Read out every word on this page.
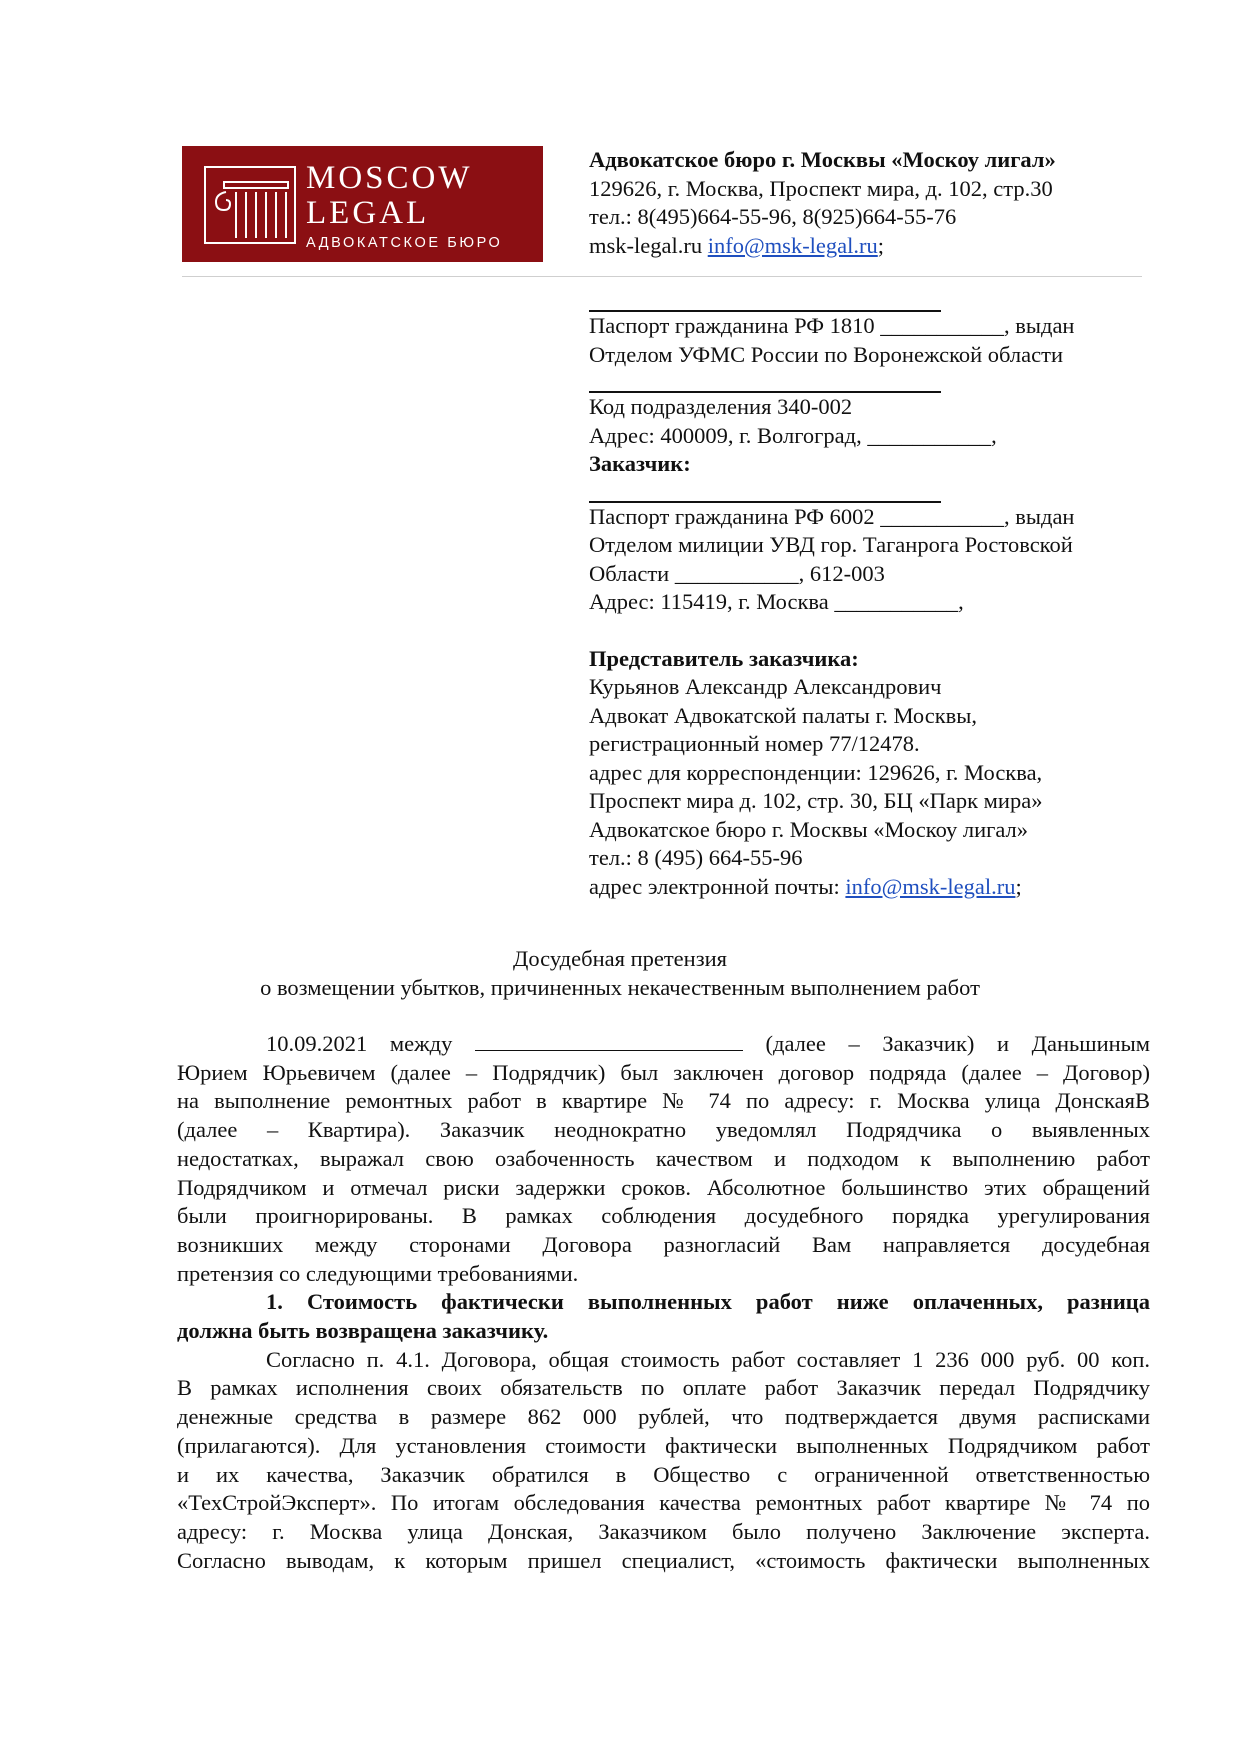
MOSCOW
LEGAL
АДВОКАТСКОЕ БЮРО
Адвокатское бюро г. Москвы «Москоу лигал»
129626, г. Москва, Проспект мира, д. 102, стр.30
тел.: 8(495)664-55-96, 8(925)664-55-76
msk-legal.ru info@msk-legal.ru;
Паспорт гражданина РФ 1810 ___________, выдан
Отделом УФМС России по Воронежской области
Код подразделения 340-002
Адрес: 400009, г. Волгоград, ___________,
Заказчик:
Паспорт гражданина РФ 6002 ___________, выдан
Отделом милиции УВД гор. Таганрога Ростовской
Области ___________, 612-003
Адрес: 115419, г. Москва ___________,
Представитель заказчика:
Курьянов Александр Александрович
Адвокат Адвокатской палаты г. Москвы,
регистрационный номер 77/12478.
адрес для корреспонденции: 129626, г. Москва,
Проспект мира д. 102, стр. 30, БЦ «Парк мира»
Адвокатское бюро г. Москвы «Москоу лигал»
тел.: 8 (495) 664-55-96
адрес электронной почты: info@msk-legal.ru;
Досудебная претензия
о возмещении убытков, причиненных некачественным выполнением работ
10.09.2021 между	(далее – Заказчик) и Даньшиным
Юрием Юрьевичем (далее – Подрядчик) был заключен договор подряда (далее – Договор)
на выполнение ремонтных работ в квартире № 74 по адресу: г. Москва улица ДонскаяВ
(далее – Квартира). Заказчик неоднократно уведомлял Подрядчика о выявленных
недостатках, выражал свою озабоченность качеством и подходом к выполнению работ
Подрядчиком и отмечал риски задержки сроков. Абсолютное большинство этих обращений
были проигнорированы. В рамках соблюдения досудебного порядка урегулирования
возникших между сторонами Договора разногласий Вам направляется досудебная
претензия со следующими требованиями.
1. Стоимость фактически выполненных работ ниже оплаченных, разница
должна быть возвращена заказчику.
Согласно п. 4.1. Договора, общая стоимость работ составляет 1 236 000 руб. 00 коп.
В рамках исполнения своих обязательств по оплате работ Заказчик передал Подрядчику
денежные средства в размере 862 000 рублей, что подтверждается двумя расписками
(прилагаются). Для установления стоимости фактически выполненных Подрядчиком работ
и их качества, Заказчик обратился в Общество с ограниченной ответственностью
«ТехСтройЭксперт». По итогам обследования качества ремонтных работ квартире № 74 по
адресу: г. Москва улица Донская, Заказчиком было получено Заключение эксперта.
Согласно выводам, к которым пришел специалист, «стоимость фактически выполненных
